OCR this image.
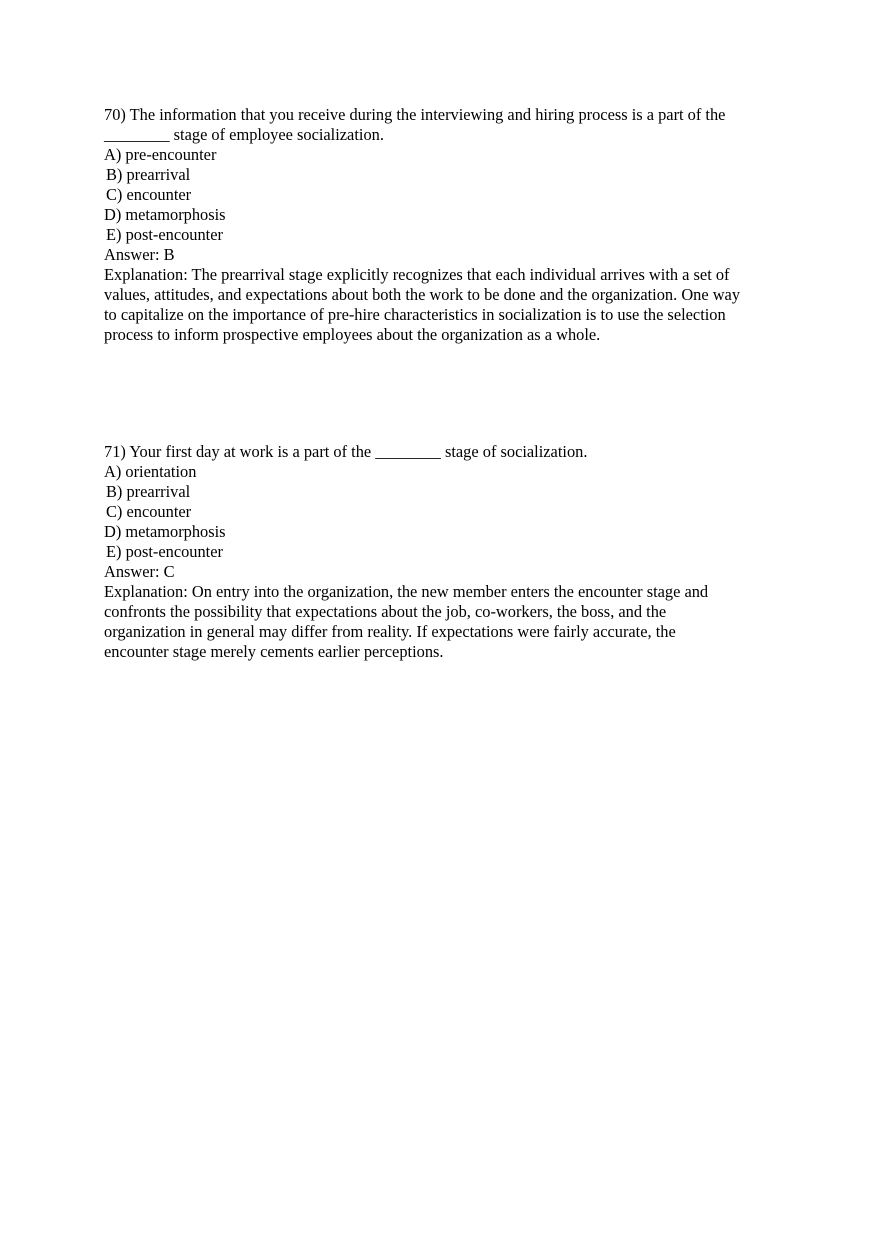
70) The information that you receive during the interviewing and hiring process is a part of the
________ stage of employee socialization.
A) pre-encounter
B) prearrival
C) encounter
D) metamorphosis
E) post-encounter
Answer: B
Explanation: The prearrival stage explicitly recognizes that each individual arrives with a set of
values, attitudes, and expectations about both the work to be done and the organization. One way
to capitalize on the importance of pre-hire characteristics in socialization is to use the selection
process to inform prospective employees about the organization as a whole.
71) Your first day at work is a part of the ________ stage of socialization.
A) orientation
B) prearrival
C) encounter
D) metamorphosis
E) post-encounter
Answer: C
Explanation: On entry into the organization, the new member enters the encounter stage and
confronts the possibility that expectations about the job, co-workers, the boss, and the
organization in general may differ from reality. If expectations were fairly accurate, the
encounter stage merely cements earlier perceptions.
